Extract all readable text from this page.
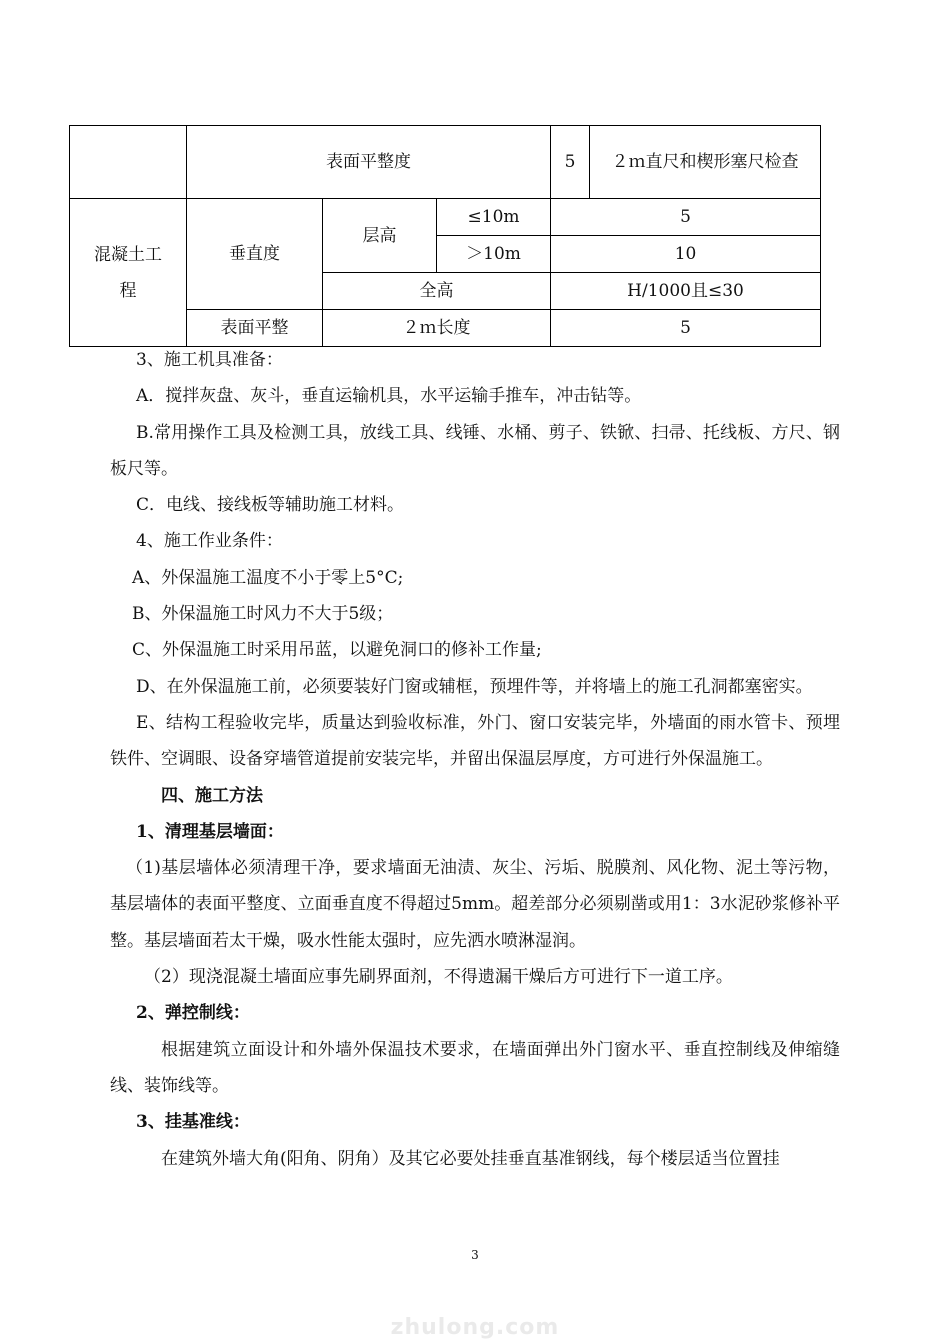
	表面平整度			5	２ｍ直尺和楔形塞尺检查
混凝土工程	垂直度	层高	≤10m	5	
			＞10m	10	
		全高		H/1000且≤30	
	表面平整	２ｍ长度		5	

3、施工机具准备：

A．搅拌灰盘、灰斗，垂直运输机具，水平运输手推车，冲击钻等。

B.常用操作工具及检测工具，放线工具、线锤、水桶、剪子、铁锨、扫帚、托线板、方尺、钢板尺等。

C．电线、接线板等辅助施工材料。

4、施工作业条件：

A、外保温施工温度不小于零上5°C;

B、外保温施工时风力不大于5级；

C、外保温施工时采用吊蓝，以避免洞口的修补工作量;

D、在外保温施工前，必须要装好门窗或辅框，预埋件等，并将墙上的施工孔洞都塞密实。

E、结构工程验收完毕，质量达到验收标准，外门、窗口安装完毕，外墙面的雨水管卡、预埋铁件、空调眼、设备穿墙管道提前安装完毕，并留出保温层厚度，方可进行外保温施工。

四、施工方法

1、清理基层墙面：

（1)基层墙体必须清理干净，要求墙面无油渍、灰尘、污垢、脱膜剂、风化物、泥土等污物，基层墙体的表面平整度、立面垂直度不得超过5mm。超差部分必须剔凿或用1：3水泥砂浆修补平整。基层墙面若太干燥，吸水性能太强时，应先洒水喷淋湿润。

（2）现浇混凝土墙面应事先刷界面剂，不得遗漏干燥后方可进行下一道工序。

2、弹控制线：

根据建筑立面设计和外墙外保温技术要求，在墙面弹出外门窗水平、垂直控制线及伸缩缝线、装饰线等。

3、挂基准线：

在建筑外墙大角(阳角、阴角）及其它必要处挂垂直基准钢线，每个楼层适当位置挂

3
zhulong.com
